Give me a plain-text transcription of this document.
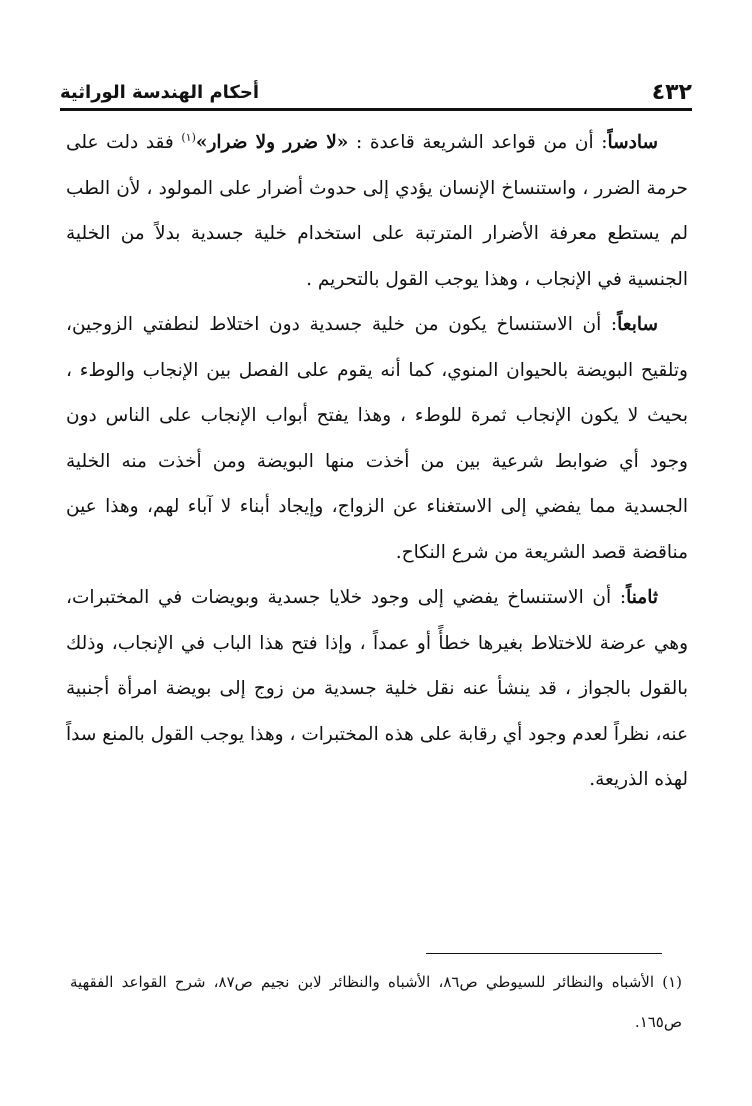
٤٣٢
أحكام الهندسة الوراثية

سادساً: أن من قواعد الشريعة قاعدة : «لا ضرر ولا ضرار»$^{(١)}$ فقد دلت على حرمة الضرر ، واستنساخ الإنسان يؤدي إلى حدوث أضرار على المولود ، لأن الطب لم يستطع معرفة الأضرار المترتبة على استخدام خلية جسدية بدلاً من الخلية الجنسية في الإنجاب ، وهذا يوجب القول بالتحريم .

سابعاً: أن الاستنساخ يكون من خلية جسدية دون اختلاط لنطفتي الزوجين، وتلقيح البويضة بالحيوان المنوي، كما أنه يقوم على الفصل بين الإنجاب والوطء ، بحيث لا يكون الإنجاب ثمرة للوطء ، وهذا يفتح أبواب الإنجاب على الناس دون وجود أي ضوابط شرعية بين من أخذت منها البويضة ومن أخذت منه الخلية الجسدية مما يفضي إلى الاستغناء عن الزواج، وإيجاد أبناء لا آباء لهم، وهذا عين مناقضة قصد الشريعة من شرع النكاح.

ثامناً: أن الاستنساخ يفضي إلى وجود خلايا جسدية وبويضات في المختبرات، وهي عرضة للاختلاط بغيرها خطأً أو عمداً ، وإذا فتح هذا الباب في الإنجاب، وذلك بالقول بالجواز ، قد ينشأ عنه نقل خلية جسدية من زوج إلى بويضة امرأة أجنبية عنه، نظراً لعدم وجود أي رقابة على هذه المختبرات ، وهذا يوجب القول بالمنع سداً لهذه الذريعة.

(١) الأشباه والنظائر للسيوطي ص٨٦، الأشباه والنظائر لابن نجيم ص٨٧، شرح القواعد الفقهية ص١٦٥.
